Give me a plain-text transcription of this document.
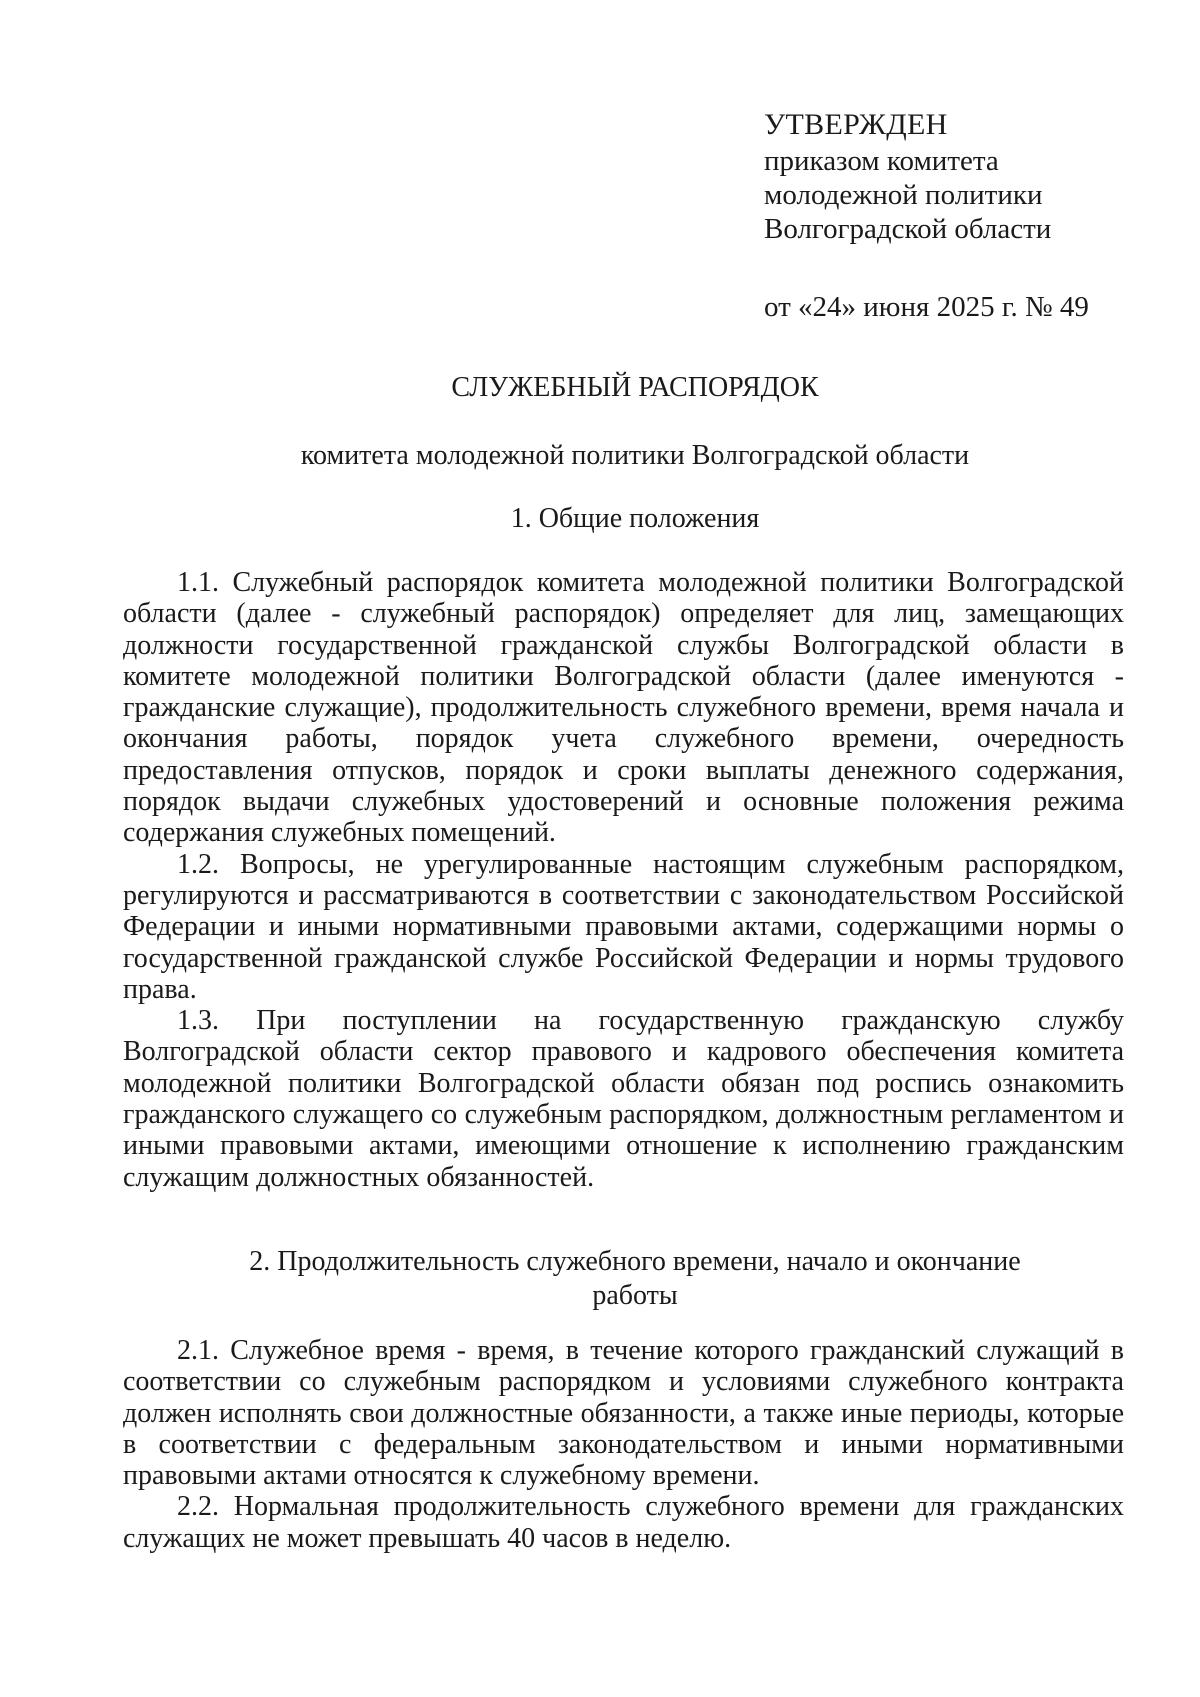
УТВЕРЖДЕН
приказом комитета
молодежной политики
Волгоградской области
от «24» июня 2025 г. № 49
СЛУЖЕБНЫЙ РАСПОРЯДОК
комитета молодежной политики Волгоградской области
1. Общие положения

1.1. Служебный распорядок комитета молодежной политики Волгоградской области (далее - служебный распорядок) определяет для лиц, замещающих должности государственной гражданской службы Волгоградской области в комитете молодежной политики Волгоградской области (далее именуются - гражданские служащие), продолжительность служебного времени, время начала и окончания работы, порядок учета служебного времени, очередность предоставления отпусков, порядок и сроки выплаты денежного содержания, порядок выдачи служебных удостоверений и основные положения режима содержания служебных помещений.

1.2. Вопросы, не урегулированные настоящим служебным распорядком, регулируются и рассматриваются в соответствии с законодательством Российской Федерации и иными нормативными правовыми актами, содержащими нормы о государственной гражданской службе Российской Федерации и нормы трудового права.

1.3. При поступлении на государственную гражданскую службу Волгоградской области сектор правового и кадрового обеспечения комитета молодежной политики Волгоградской области обязан под роспись ознакомить гражданского служащего со служебным распорядком, должностным регламентом и иными правовыми актами, имеющими отношение к исполнению гражданским служащим должностных обязанностей.

2. Продолжительность служебного времени, начало и окончание
работы

2.1. Служебное время - время, в течение которого гражданский служащий в соответствии со служебным распорядком и условиями служебного контракта должен исполнять свои должностные обязанности, а также иные периоды, которые в соответствии с федеральным законодательством и иными нормативными правовыми актами относятся к служебному времени.

2.2. Нормальная продолжительность служебного времени для гражданских служащих не может превышать 40 часов в неделю.
